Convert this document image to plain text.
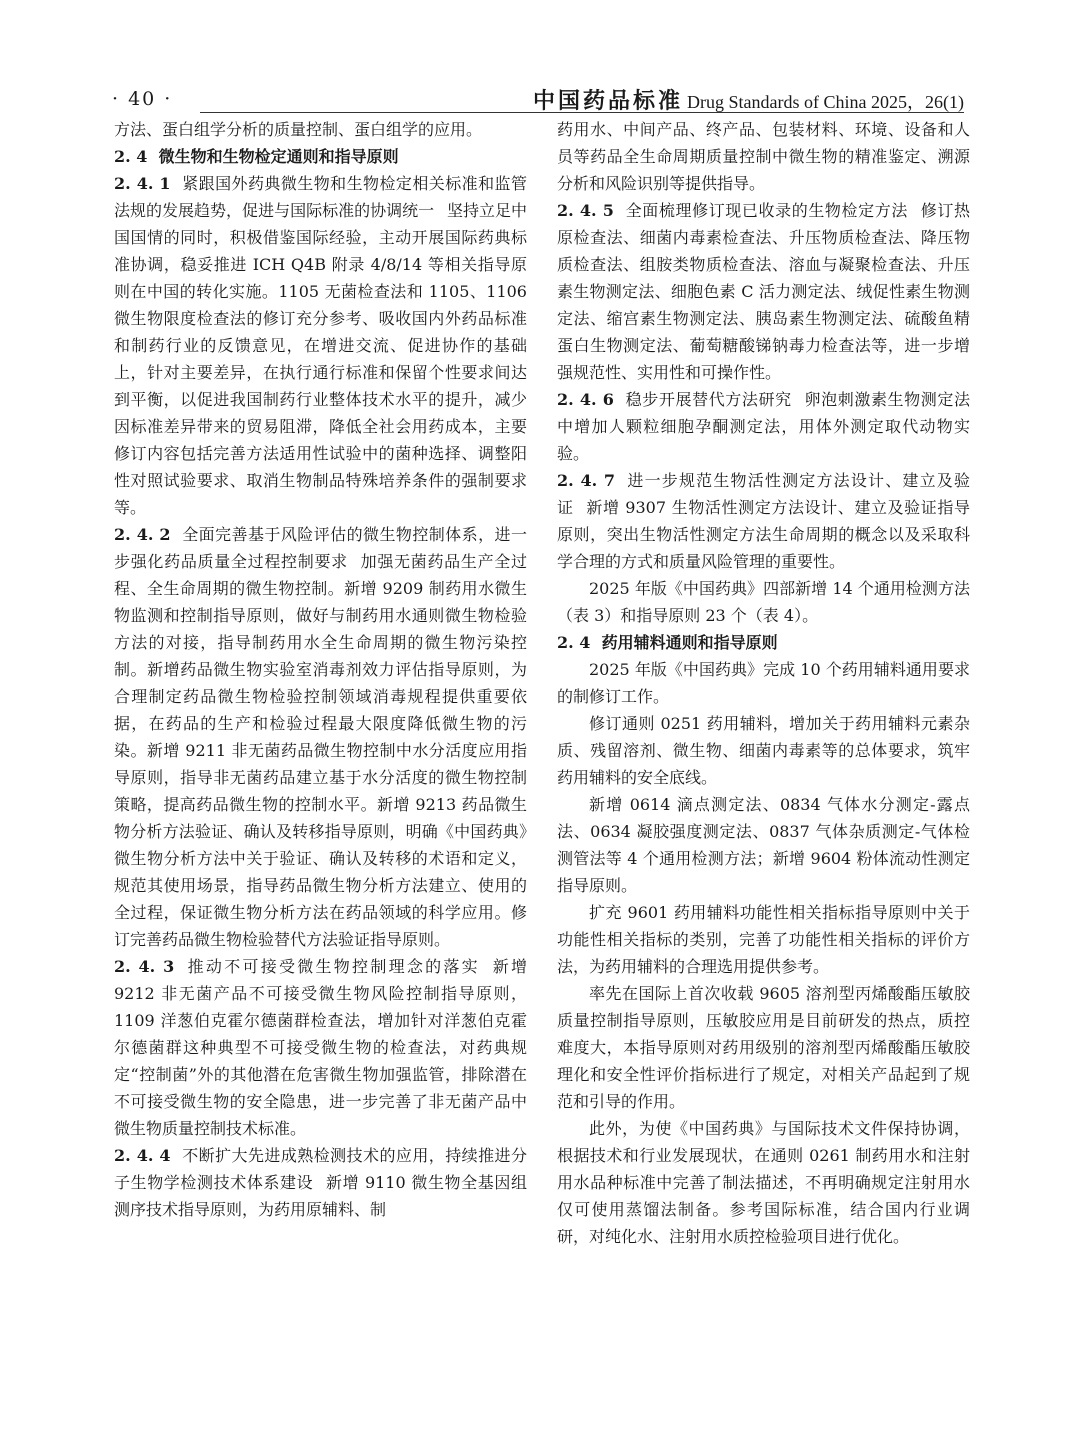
· 40 ·	中国药品标准 Drug Standards of China 2025，26(1)

方法、蛋白组学分析的质量控制、蛋白组学的应用。

2. 4 微生物和生物检定通则和指导原则

2. 4. 1 紧跟国外药典微生物和生物检定相关标准和监管法规的发展趋势，促进与国际标准的协调统一 坚持立足中国国情的同时，积极借鉴国际经验，主动开展国际药典标准协调，稳妥推进 ICH Q4B 附录 4/8/14 等相关指导原则在中国的转化实施。1105 无菌检查法和 1105、1106 微生物限度检查法的修订充分参考、吸收国内外药品标准和制药行业的反馈意见，在增进交流、促进协作的基础上，针对主要差异，在执行通行标准和保留个性要求间达到平衡，以促进我国制药行业整体技术水平的提升，减少因标准差异带来的贸易阻滞，降低全社会用药成本，主要修订内容包括完善方法适用性试验中的菌种选择、调整阳性对照试验要求、取消生物制品特殊培养条件的强制要求等。

2. 4. 2 全面完善基于风险评估的微生物控制体系，进一步强化药品质量全过程控制要求 加强无菌药品生产全过程、全生命周期的微生物控制。新增 9209 制药用水微生物监测和控制指导原则，做好与制药用水通则微生物检验方法的对接，指导制药用水全生命周期的微生物污染控制。新增药品微生物实验室消毒剂效力评估指导原则，为合理制定药品微生物检验控制领域消毒规程提供重要依据，在药品的生产和检验过程最大限度降低微生物的污染。新增 9211 非无菌药品微生物控制中水分活度应用指导原则，指导非无菌药品建立基于水分活度的微生物控制策略，提高药品微生物的控制水平。新增 9213 药品微生物分析方法验证、确认及转移指导原则，明确《中国药典》微生物分析方法中关于验证、确认及转移的术语和定义，规范其使用场景，指导药品微生物分析方法建立、使用的全过程，保证微生物分析方法在药品领域的科学应用。修订完善药品微生物检验替代方法验证指导原则。

2. 4. 3 推动不可接受微生物控制理念的落实 新增 9212 非无菌产品不可接受微生物风险控制指导原则，1109 洋葱伯克霍尔德菌群检查法，增加针对洋葱伯克霍尔德菌群这种典型不可接受微生物的检查法，对药典规定“控制菌”外的其他潜在危害微生物加强监管，排除潜在不可接受微生物的安全隐患，进一步完善了非无菌产品中微生物质量控制技术标准。

2. 4. 4 不断扩大先进成熟检测技术的应用，持续推进分子生物学检测技术体系建设 新增 9110 微生物全基因组测序技术指导原则，为药用原辅料、制

药用水、中间产品、终产品、包装材料、环境、设备和人员等药品全生命周期质量控制中微生物的精准鉴定、溯源分析和风险识别等提供指导。

2. 4. 5 全面梳理修订现已收录的生物检定方法 修订热原检查法、细菌内毒素检查法、升压物质检查法、降压物质检查法、组胺类物质检查法、溶血与凝聚检查法、升压素生物测定法、细胞色素 C 活力测定法、绒促性素生物测定法、缩宫素生物测定法、胰岛素生物测定法、硫酸鱼精蛋白生物测定法、葡萄糖酸锑钠毒力检查法等，进一步增强规范性、实用性和可操作性。

2. 4. 6 稳步开展替代方法研究 卵泡刺激素生物测定法中增加人颗粒细胞孕酮测定法，用体外测定取代动物实验。

2. 4. 7 进一步规范生物活性测定方法设计、建立及验证 新增 9307 生物活性测定方法设计、建立及验证指导原则，突出生物活性测定方法生命周期的概念以及采取科学合理的方式和质量风险管理的重要性。

2025 年版《中国药典》四部新增 14 个通用检测方法（表 3）和指导原则 23 个（表 4）。

2. 4 药用辅料通则和指导原则

2025 年版《中国药典》完成 10 个药用辅料通用要求的制修订工作。

修订通则 0251 药用辅料，增加关于药用辅料元素杂质、残留溶剂、微生物、细菌内毒素等的总体要求，筑牢药用辅料的安全底线。

新增 0614 滴点测定法、0834 气体水分测定-露点法、0634 凝胶强度测定法、0837 气体杂质测定-气体检测管法等 4 个通用检测方法；新增 9604 粉体流动性测定指导原则。

扩充 9601 药用辅料功能性相关指标指导原则中关于功能性相关指标的类别，完善了功能性相关指标的评价方法，为药用辅料的合理选用提供参考。

率先在国际上首次收载 9605 溶剂型丙烯酸酯压敏胶质量控制指导原则，压敏胶应用是目前研发的热点，质控难度大，本指导原则对药用级别的溶剂型丙烯酸酯压敏胶理化和安全性评价指标进行了规定，对相关产品起到了规范和引导的作用。

此外，为使《中国药典》与国际技术文件保持协调，根据技术和行业发展现状，在通则 0261 制药用水和注射用水品种标准中完善了制法描述，不再明确规定注射用水仅可使用蒸馏法制备。参考国际标准，结合国内行业调研，对纯化水、注射用水质控检验项目进行优化。
